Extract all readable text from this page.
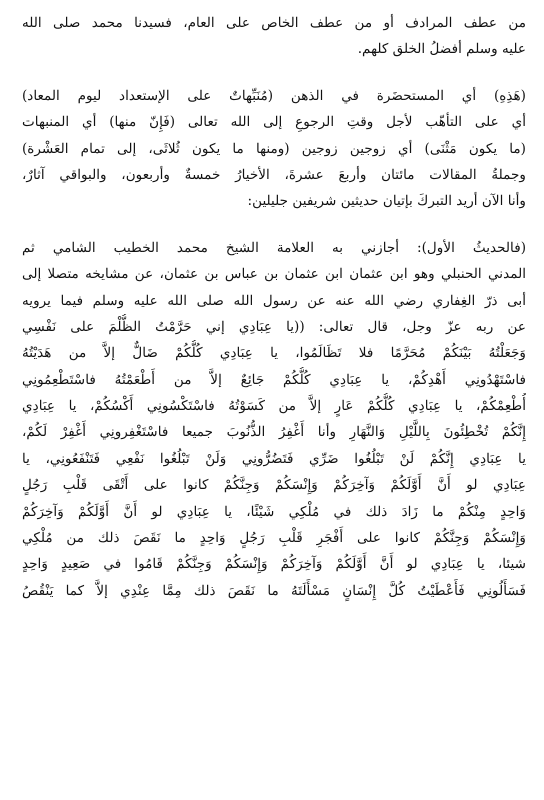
من عطف المرادف أو من عطف الخاص على العام، فسيدنا محمد صلى الله
عليه وسلم أفضلُ الخلق كلهم.
(هَذِهِ) أي المستحضَرة في الذهن (مُنَبِّهاتٌ على الإستعداد ليوم المعاد)
أي على التأهّب لأجل وقتِ الرجوعِ إلى الله تعالى (فَإِنّ منها) أي المنبهات
(ما يكون مَثْنَى) أي زوجين زوجين (ومنها ما يكون ثُلاثَى، إلى تمام العَشْرة)
وجملةُ المقالات مائتان وأربعَ عشرةَ، الأخيارُ خمسةٌ وأربعون، والبواقي آثارٌ،
وأنا الآن أريد التبركَ بإتيان حديثين شريفين جليلين:
(فالحديثُ الأول): أجازني به العلامة الشيخ محمد الخطيب الشامي ثم
المدني الحنبلي وهو ابن عثمان ابن عثمان بن عباس بن عثمان، عن مشايخه متصلا إلى
أبى ذرّ الغِفاري رضي الله عنه عن رسول الله صلى الله عليه وسلم فيما يرويه
عن ربه عزّ وجل، قال تعالى: ((يا عِبَادِي إني حَرَّمْتُ الظُّلْمَ على نَفْسِي
وَجَعَلْتُهُ بَيْنَكُمْ مُحَرَّمًا فلا تَظَالَمُوا، يا عِبَادِي كُلُّكُمْ ضَالٌّ إلاَّ من هَدَيْتُهُ
فاسْتَهْدُونِي أَهْدِكُمْ، يا عِبَادِي كُلُّكُمْ جَائِعٌ إلاَّ من أَطْعَمْتُهُ فاسْتَطْعِمُونِي
أُطْعِمْكُمْ، يا عِبَادِي كُلُّكُمْ عَارٍ إلاَّ من كَسَوْتُهُ فاسْتَكْسُونِي أَكْسُكُمْ، يا عِبَادِي
إِنَّكُمْ تُخْطِئُونَ بِاللَّيْلِ وَالنَّهَارِ وأنا أَغْفِرُ الذُّنُوبَ جميعا فاسْتَغْفِرونِي أَغْفِرْ لَكُمْ،
يا عِبَادِي إِنَّكُمْ لَنْ تَبْلُغُوا ضَرِّي فَتَضُرُّونِي وَلَنْ تَبْلُغُوا نَفْعِي فَتَنْفَعُونِي، يا
عِبَادِي لو أَنَّ أَوَّلَكُمْ وَآخِرَكُمْ وَإِنْسَكُمْ وَجِنَّكُمْ كانوا على أَتْقَى قَلْبِ رَجُلٍ
وَاحِدٍ مِنْكُمْ ما زَادَ ذلك في مُلْكِي شَيْئًا، يا عِبَادِي لو أَنَّ أَوَّلَكُمْ وَآخِرَكُمْ
وَإِنْسَكُمْ وَجِنَّكُمْ كانوا على أَفْجَرِ قَلْبِ رَجُلٍ وَاحِدٍ ما نَقَصَ ذلك من مُلْكِي
شيئا، يا عِبَادِي لو أَنَّ أَوَّلَكُمْ وَآخِرَكُمْ وَإِنْسَكُمْ وَجِنَّكُمْ قَامُوا في صَعِيدٍ وَاحِدٍ
فَسَأَلُونِي فَأَعْطَيْتُ كُلَّ إِنْسَانٍ مَسْأَلَتَهُ ما نَقَصَ ذلك مِمَّا عِنْدِي إلاَّ كما يَنْقُصُ
